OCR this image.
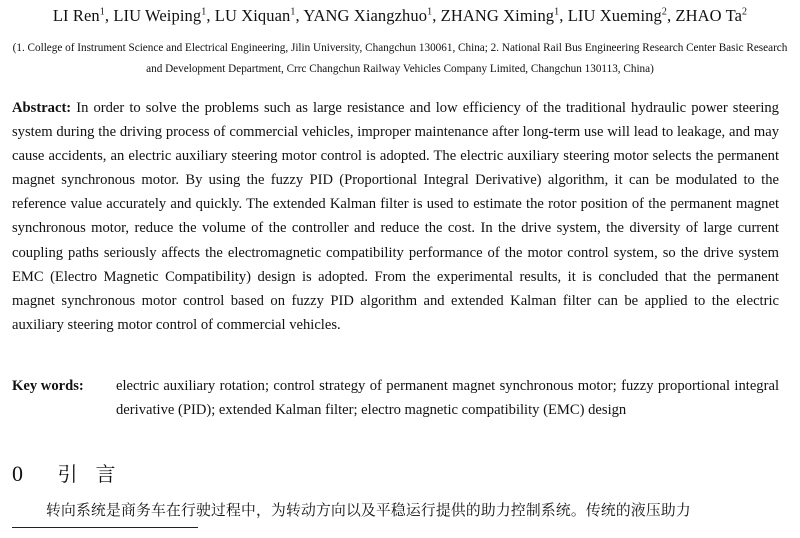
LI Ren$^1$, LIU Weiping$^1$, LU Xiquan$^1$, YANG Xiangzhuo$^1$, ZHANG Ximing$^1$, LIU Xueming$^2$, ZHAO Ta$^2$
(1. College of Instrument Science and Electrical Engineering, Jilin University, Changchun 130061, China; 2. National Rail Bus Engineering Research Center Basic Research and Development Department, Crrc Changchun Railway Vehicles Company Limited, Changchun 130113, China)
Abstract: In order to solve the problems such as large resistance and low efficiency of the traditional hydraulic power steering system during the driving process of commercial vehicles, improper maintenance after long-term use will lead to leakage, and may cause accidents, an electric auxiliary steering motor control is adopted. The electric auxiliary steering motor selects the permanent magnet synchronous motor. By using the fuzzy PID (Proportional Integral Derivative) algorithm, it can be modulated to the reference value accurately and quickly. The extended Kalman filter is used to estimate the rotor position of the permanent magnet synchronous motor, reduce the volume of the controller and reduce the cost. In the drive system, the diversity of large current coupling paths seriously affects the electromagnetic compatibility performance of the motor control system, so the drive system EMC (Electro Magnetic Compatibility) design is adopted. From the experimental results, it is concluded that the permanent magnet synchronous motor control based on fuzzy PID algorithm and extended Kalman filter can be applied to the electric auxiliary steering motor control of commercial vehicles.
Key words: electric auxiliary rotation; control strategy of permanent magnet synchronous motor; fuzzy proportional integral derivative (PID); extended Kalman filter; electro magnetic compatibility (EMC) design
0 引言
转向系统是商务车在行驶过程中，为转动方向以及平稳运行提供的助力控制系统。传统的液压助力
